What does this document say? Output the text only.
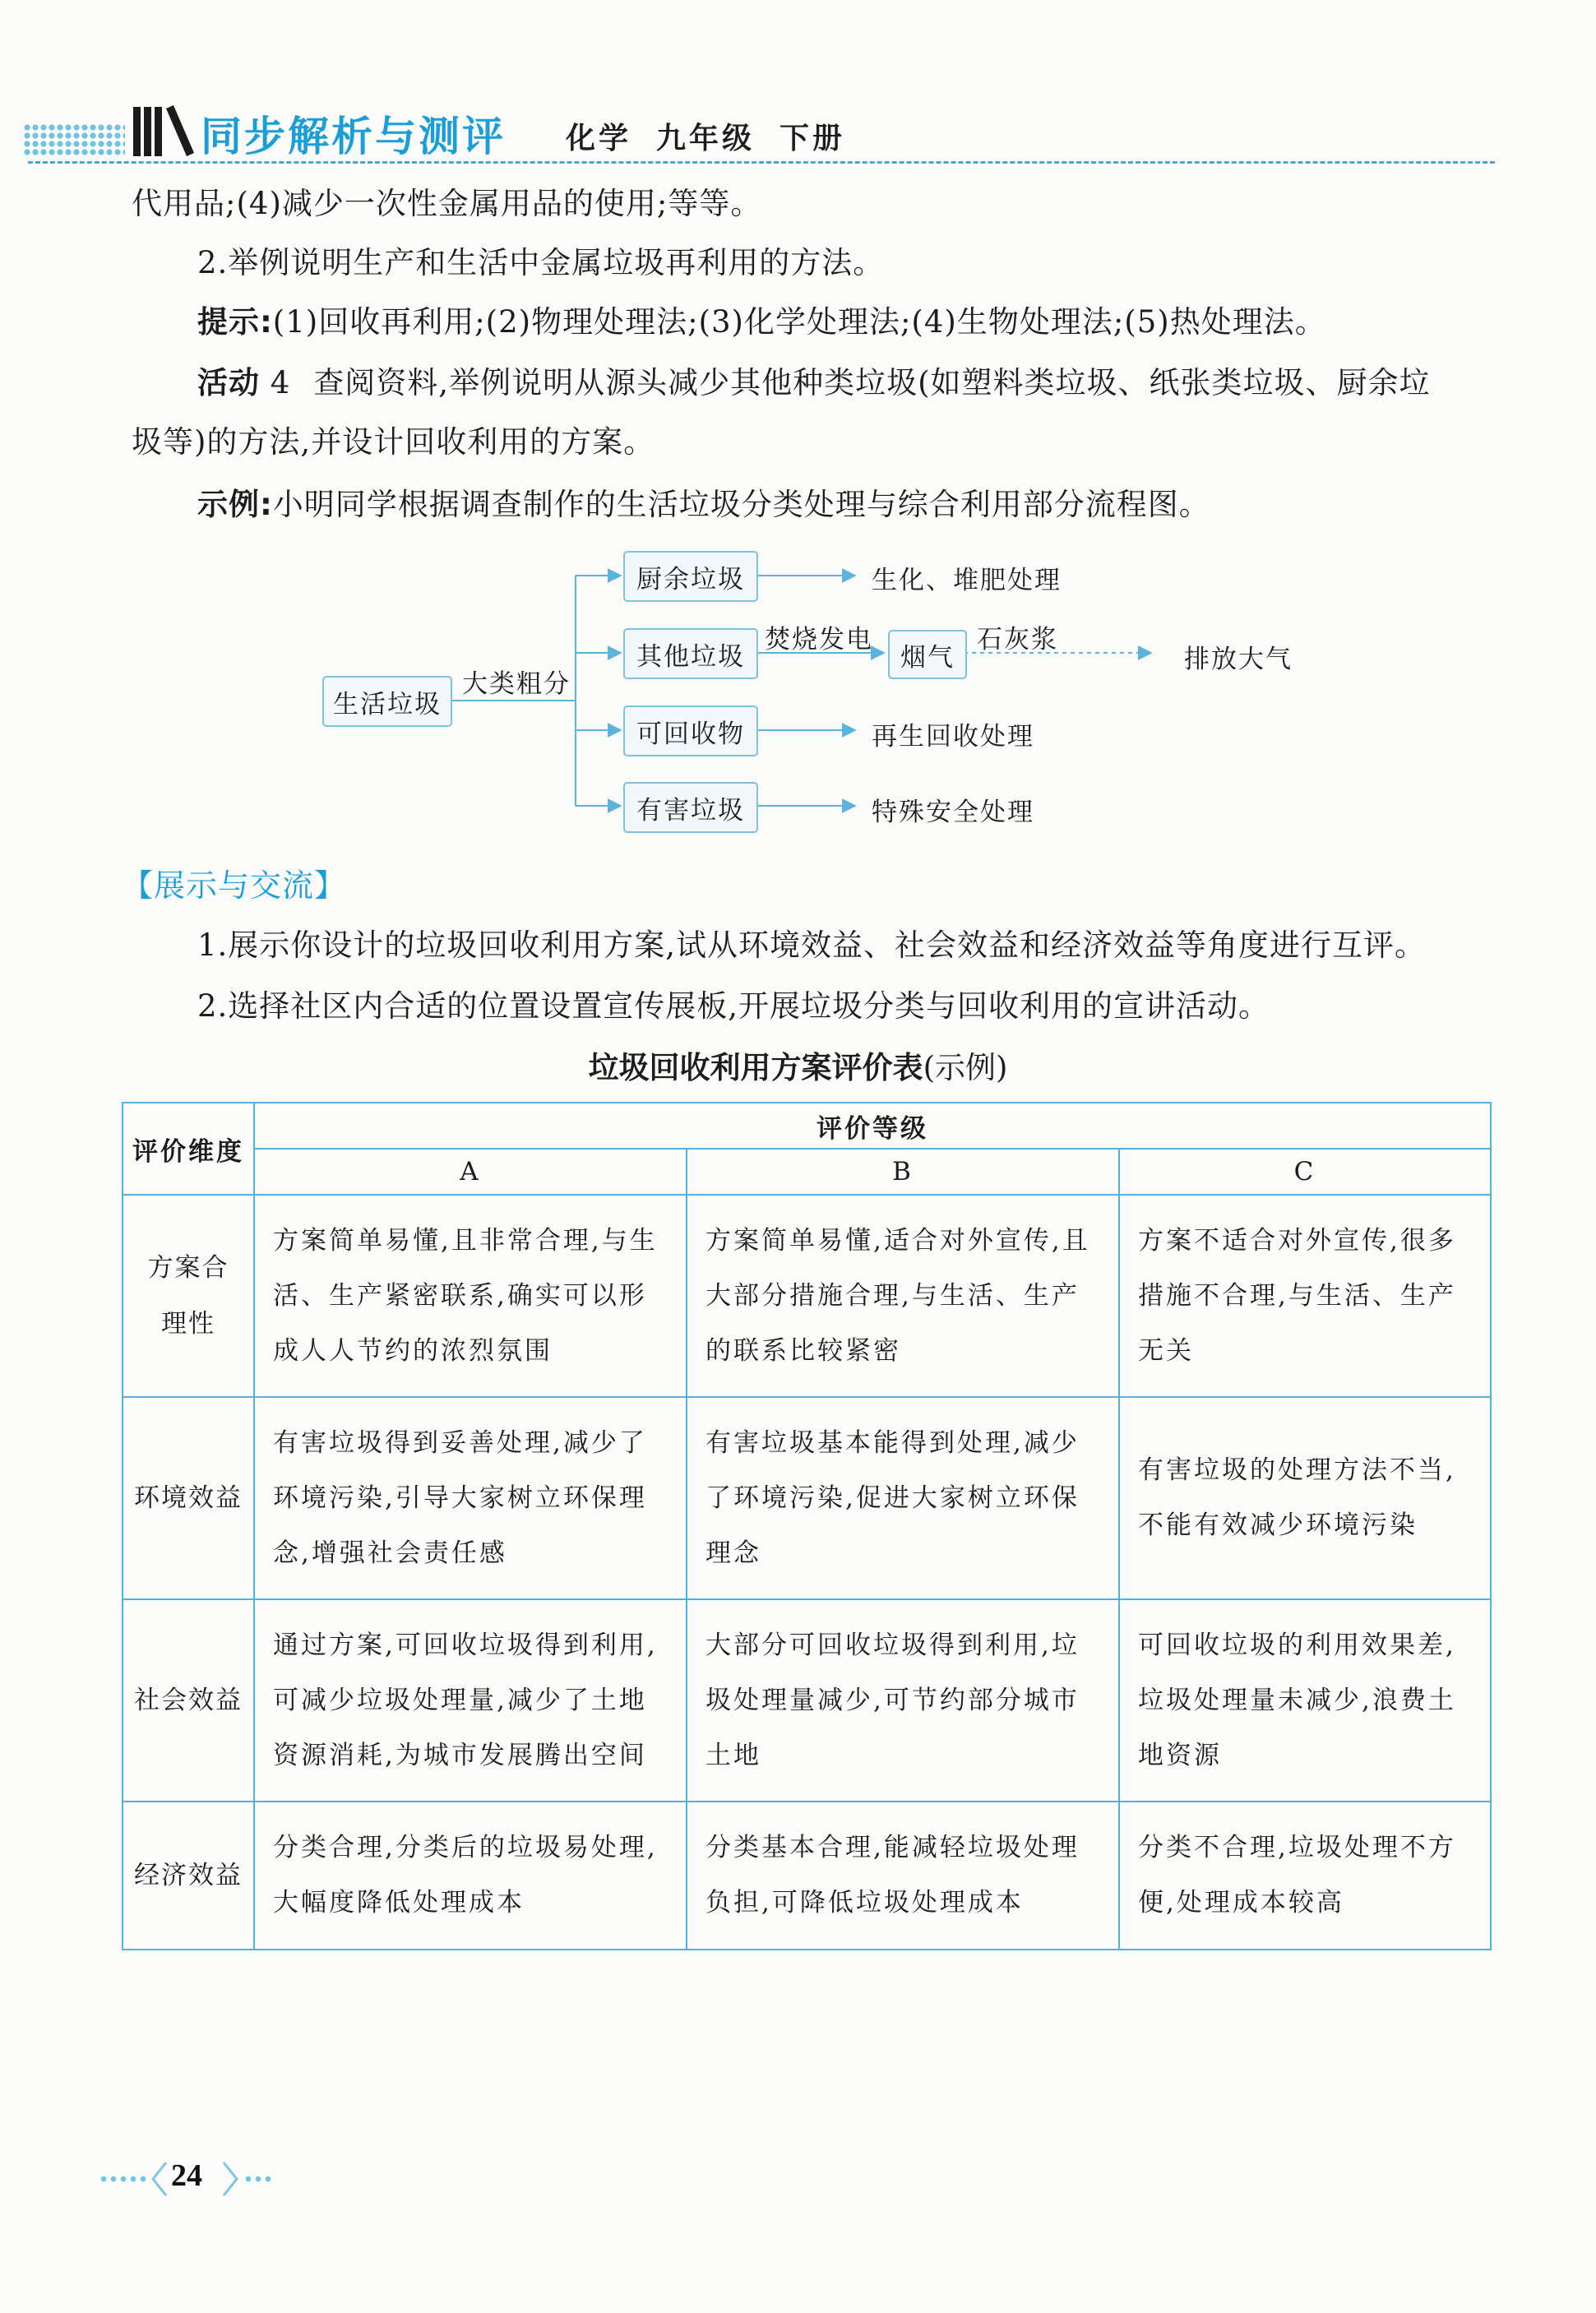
同步解析与测评 化学 九年级 下册
代用品;(4)减少一次性金属用品的使用;等等。
2.举例说明生产和生活中金属垃圾再利用的方法。
提示:(1)回收再利用;(2)物理处理法;(3)化学处理法;(4)生物处理法;(5)热处理法。
活动 4 查阅资料,举例说明从源头减少其他种类垃圾(如塑料类垃圾、纸张类垃圾、厨余垃
圾等)的方法,并设计回收利用的方案。
示例:小明同学根据调查制作的生活垃圾分类处理与综合利用部分流程图。
生活垃圾
大类粗分
厨余垃圾	生化、堆肥处理
其他垃圾
焚烧发电
烟气
石灰浆
排放大气
可回收物	再生回收处理
有害垃圾	特殊安全处理
【展示与交流】
1.展示你设计的垃圾回收利用方案,试从环境效益、社会效益和经济效益等角度进行互评。
2.选择社区内合适的位置设置宣传展板,开展垃圾分类与回收利用的宣讲活动。
垃圾回收利用方案评价表(示例)
评价维度	评价等级		
	A	B	C
方案合
理性	方案简单易懂,且非常合理,与生活、生产紧密联系,确实可以形成人人节约的浓烈氛围	方案简单易懂,适合对外宣传,且大部分措施合理,与生活、生产的联系比较紧密	方案不适合对外宣传,很多措施不合理,与生活、生产无关
环境效益	有害垃圾得到妥善处理,减少了环境污染,引导大家树立环保理念,增强社会责任感	有害垃圾基本能得到处理,减少了环境污染,促进大家树立环保理念	有害垃圾的处理方法不当,不能有效减少环境污染
社会效益	通过方案,可回收垃圾得到利用,可减少垃圾处理量,减少了土地资源消耗,为城市发展腾出空间	大部分可回收垃圾得到利用,垃圾处理量减少,可节约部分城市土地	可回收垃圾的利用效果差,垃圾处理量未减少,浪费土地资源
经济效益	分类合理,分类后的垃圾易处理,大幅度降低处理成本	分类基本合理,能减轻垃圾处理负担,可降低垃圾处理成本	分类不合理,垃圾处理不方便,处理成本较高
24
